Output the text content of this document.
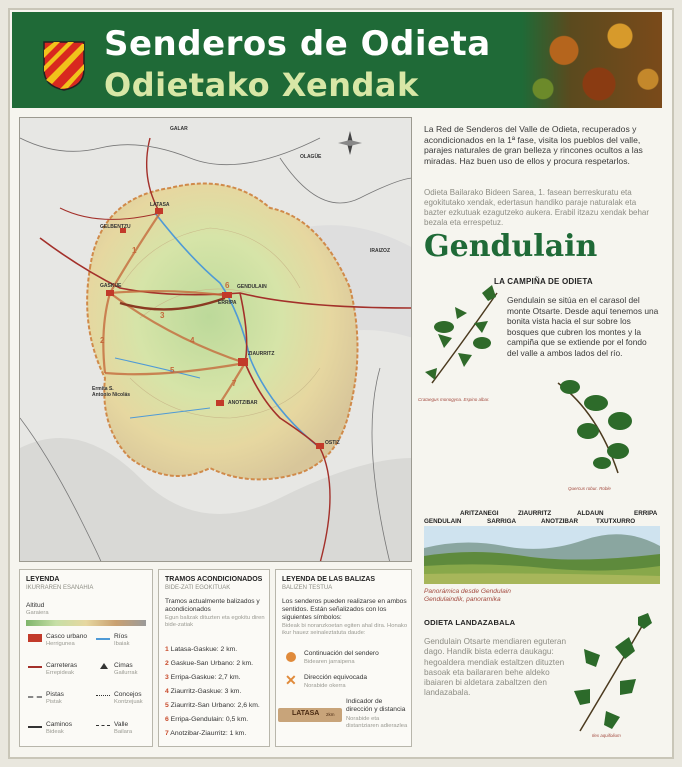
Senderos de Odieta
Odietako Xendak
1
2
3
4
5
6
7
LATASA
GELBENTZU
GASKUE	GENDULAIN
ERRIPA
ZIAURRITZ
ANOTZIBAR
OSTIZ
GALAR
OLAGÜE
IRAIZOZ
Ermita S. Antonio Nicolás
La Red de Senderos del Valle de Odieta, recuperados y acondicionados en la 1ª fase, visita los pueblos del valle, parajes naturales de gran belleza y rincones ocultos a las miradas. Haz buen uso de ellos y procura respetarlos.
Odieta Bailarako Bideen Sarea, 1. fasean berreskuratu eta egokitutako xendak, edertasun handiko paraje naturalak eta bazter ezkutuak ezagutzeko aukera. Erabil itzazu xendak behar bezala eta errespetuz.
Gendulain
LA CAMPIÑA DE ODIETA
Crataegus monogyna. Espino albar.
Gendulain se sitúa en el carasol del monte Otsarte. Desde aquí tenemos una bonita vista hacia el sur sobre los bosques que cubren los montes y la campiña que se extiende por el fondo del valle a ambos lados del río.
Quercus robur. Roble
GENDULAIN
ARITZANEGI
SARRIGA
ZIAURRITZ
ANOTZIBAR
ALDAUN
TXUTXURRO
ERRIPA
Panorámica desde Gendulain
Gendulaindik, panoramika
ODIETA LANDAZABALA
Gendulain Otsarte mendiaren eguteran dago. Handik bista ederra daukagu: hegoaldera mendiak estaltzen dituzten basoak eta bailararen behe aldeko ibaiaren bi aldetara zabaltzen den landazabala.
Ilex aquifolium
LEYENDA
IKURRAREN ESANAHIA
Altitud
Garaiera
Casco urbano
Herrigunea
Ríos
Ibaiak
Carreteras
Errepideak
Cimas
Gailurrak
Pistas
Pistak
Concejos
Kontzejuak
Caminos
Bideak
Valle
Bailara
TRAMOS ACONDICIONADOS
BIDE-ZATI EGOKITUAK
Tramos actualmente balizados y acondicionados
Egun balizak dituzten eta egokitu diren bide-zatiak
1 Latasa-Gaskue: 2 km.
2 Gaskue-San Urbano: 2 km.
3 Erripa-Gaskue: 2,7 km.
4 Ziaurritz-Gaskue: 3 km.
5 Ziaurritz-San Urbano: 2,6 km.
6 Erripa-Gendulain: 0,5 km.
7 Anotzibar-Ziaurritz: 1 km.
LEYENDA DE LAS BALIZAS
BALIZEN TESTUA
Los senderos pueden realizarse en ambos sentidos. Están señalizados con los siguientes símbolos:
Bideak bi noranzkoetan egiten ahal dira. Honako ikur hauez seinaleztatuta daude:
Continuación del sendero
Bidearen jarraipena
✕ Dirección equivocada
Norabide okerra
LATASA 2km
Indicador de dirección y distancia
Norabide eta distantziaren adierazlea
